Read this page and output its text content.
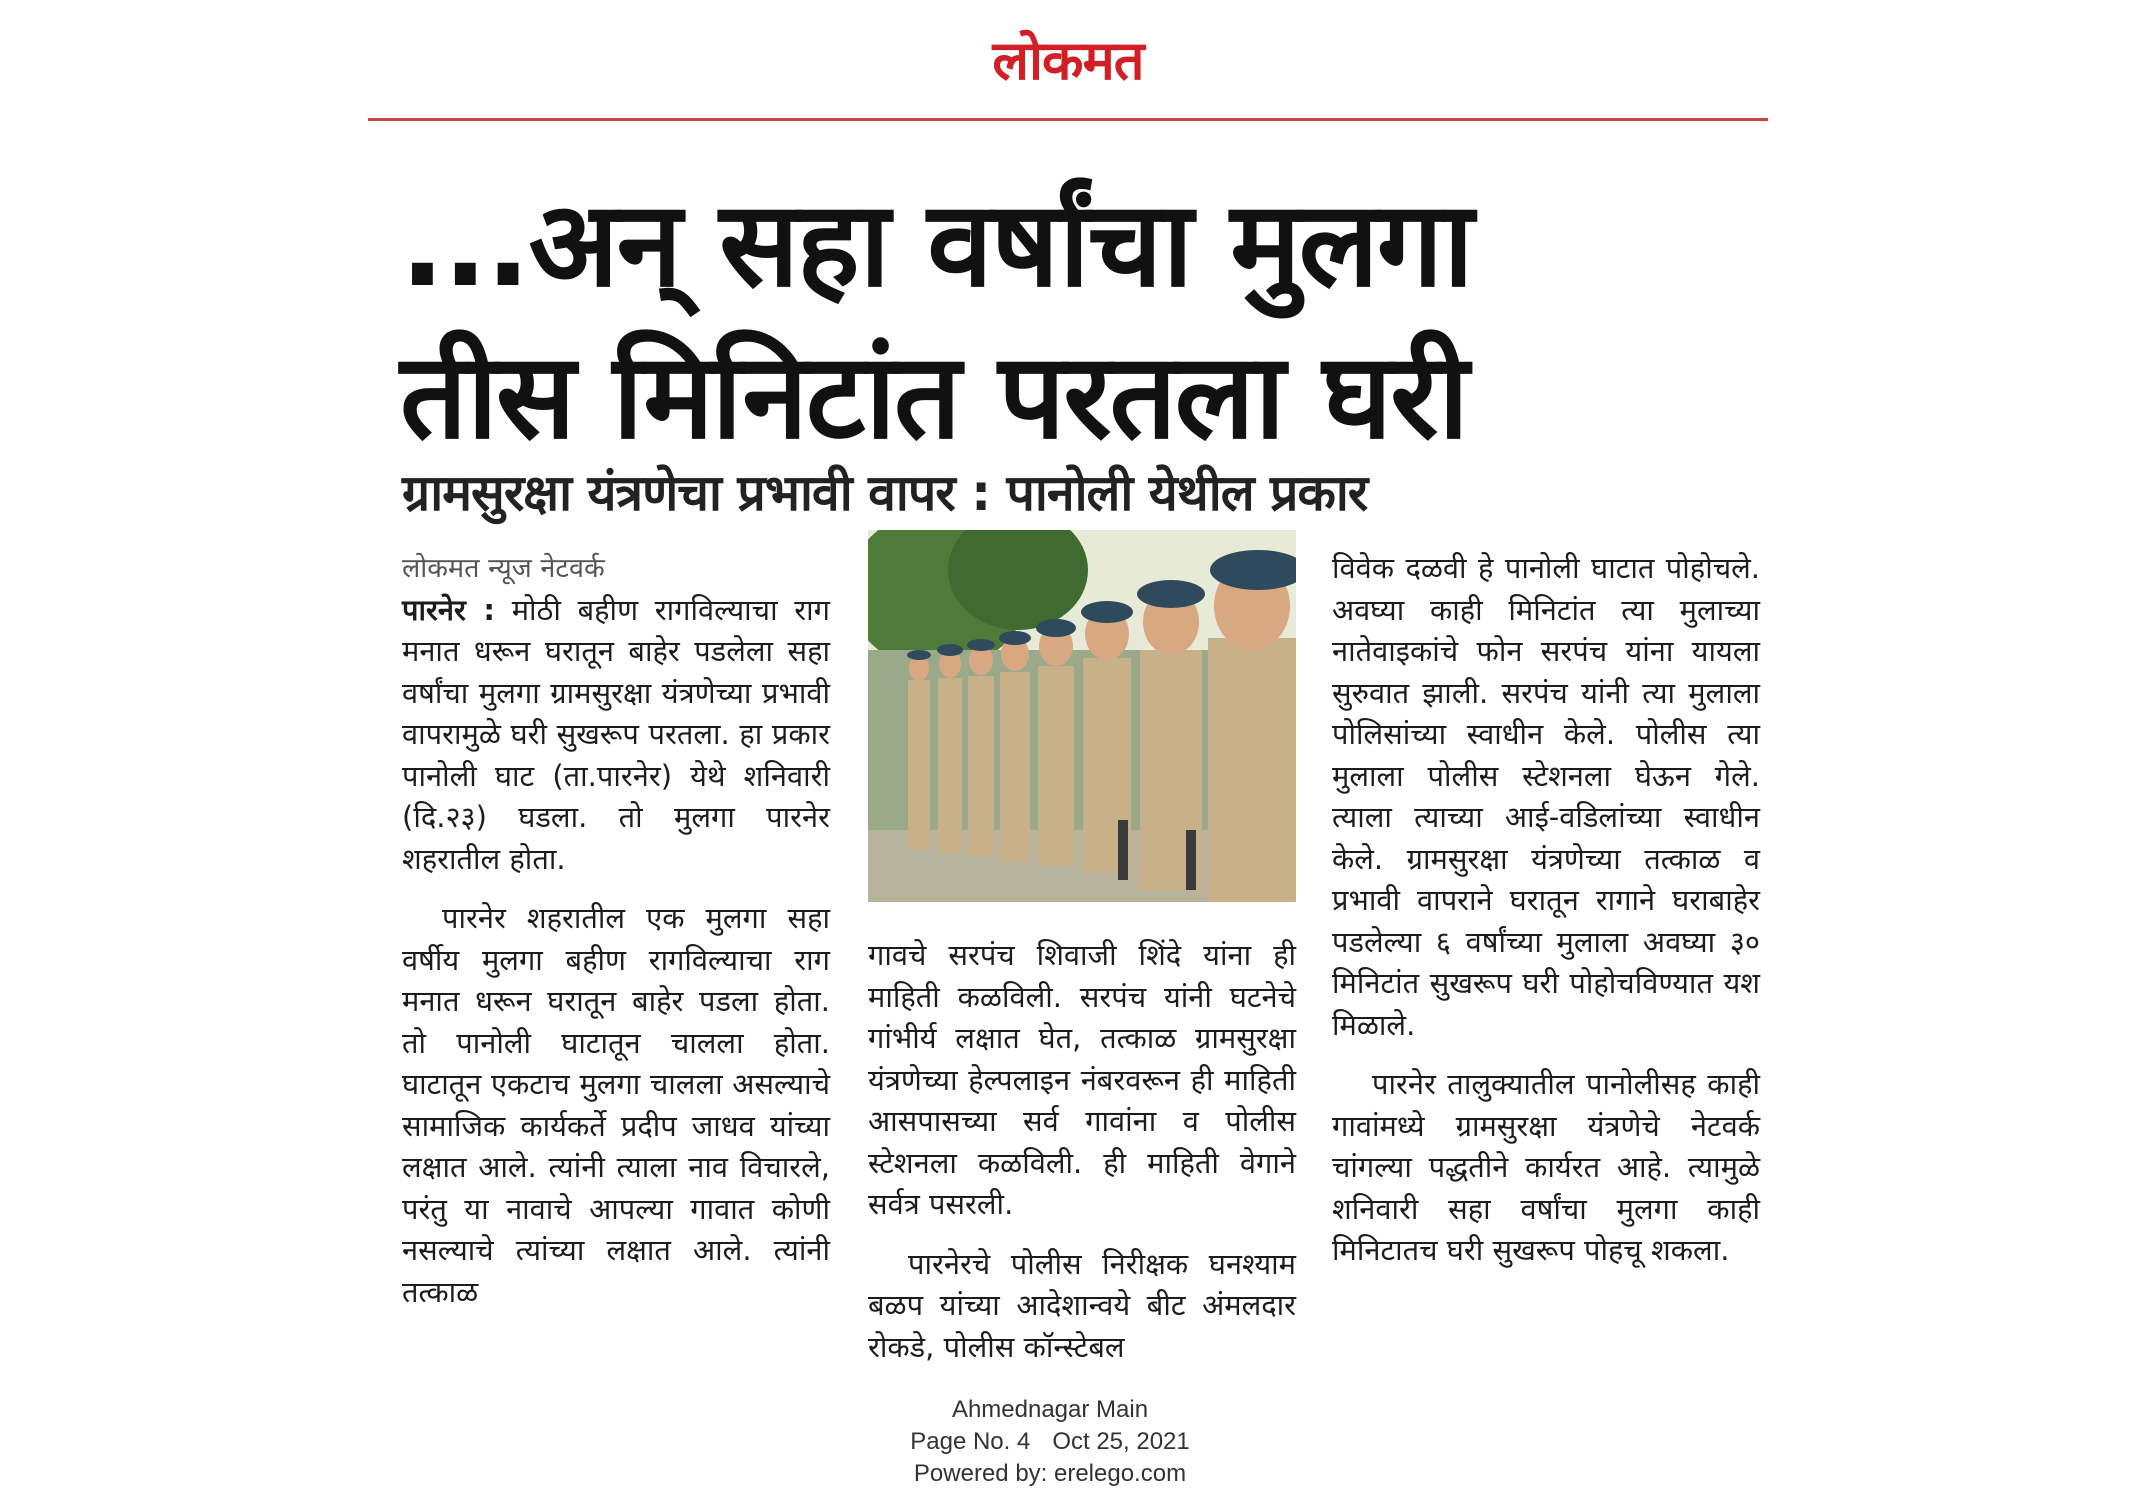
लोकमत
...अन् सहा वर्षांचा मुलगा
तीस मिनिटांत परतला घरी
ग्रामसुरक्षा यंत्रणेचा प्रभावी वापर : पानोली येथील प्रकार
लोकमत न्यूज नेटवर्क

पारनेर : मोठी बहीण रागविल्याचा राग मनात धरून घरातून बाहेर पडलेला सहा वर्षांचा मुलगा ग्रामसुरक्षा यंत्रणेच्या प्रभावी वापरामुळे घरी सुखरूप परतला. हा प्रकार पानोली घाट (ता.पारनेर) येथे शनिवारी (दि.२३) घडला. तो मुलगा पारनेर शहरातील होता.

पारनेर शहरातील एक मुलगा सहा वर्षीय मुलगा बहीण रागविल्याचा राग मनात धरून घरातून बाहेर पडला होता. तो पानोली घाटातून चालला होता. घाटातून एकटाच मुलगा चालला असल्याचे सामाजिक कार्यकर्ते प्रदीप जाधव यांच्या लक्षात आले. त्यांनी त्याला नाव विचारले, परंतु या नावाचे आपल्या गावात कोणी नसल्याचे त्यांच्या लक्षात आले. त्यांनी तत्काळ

गावचे सरपंच शिवाजी शिंदे यांना ही माहिती कळविली. सरपंच यांनी घटनेचे गांभीर्य लक्षात घेत, तत्काळ ग्रामसुरक्षा यंत्रणेच्या हेल्पलाइन नंबरवरून ही माहिती आसपासच्या सर्व गावांना व पोलीस स्टेशनला कळविली. ही माहिती वेगाने सर्वत्र पसरली.

पारनेरचे पोलीस निरीक्षक घनश्याम बळप यांच्या आदेशान्वये बीट अंमलदार रोकडे, पोलीस कॉन्स्टेबल

विवेक दळवी हे पानोली घाटात पोहोचले. अवघ्या काही मिनिटांत त्या मुलाच्या नातेवाइकांचे फोन सरपंच यांना यायला सुरुवात झाली. सरपंच यांनी त्या मुलाला पोलिसांच्या स्वाधीन केले. पोलीस त्या मुलाला पोलीस स्टेशनला घेऊन गेले. त्याला त्याच्या आई-वडिलांच्या स्वाधीन केले. ग्रामसुरक्षा यंत्रणेच्या तत्काळ व प्रभावी वापराने घरातून रागाने घराबाहेर पडलेल्या ६ वर्षांच्या मुलाला अवघ्या ३० मिनिटांत सुखरूप घरी पोहोचविण्यात यश मिळाले.

पारनेर तालुक्यातील पानोलीसह काही गावांमध्ये ग्रामसुरक्षा यंत्रणेचे नेटवर्क चांगल्या पद्धतीने कार्यरत आहे. त्यामुळे शनिवारी सहा वर्षांचा मुलगा काही मिनिटातच घरी सुखरूप पोहचू शकला.

Ahmednagar Main
Page No. 4 Oct 25, 2021
Powered by: erelego.com
